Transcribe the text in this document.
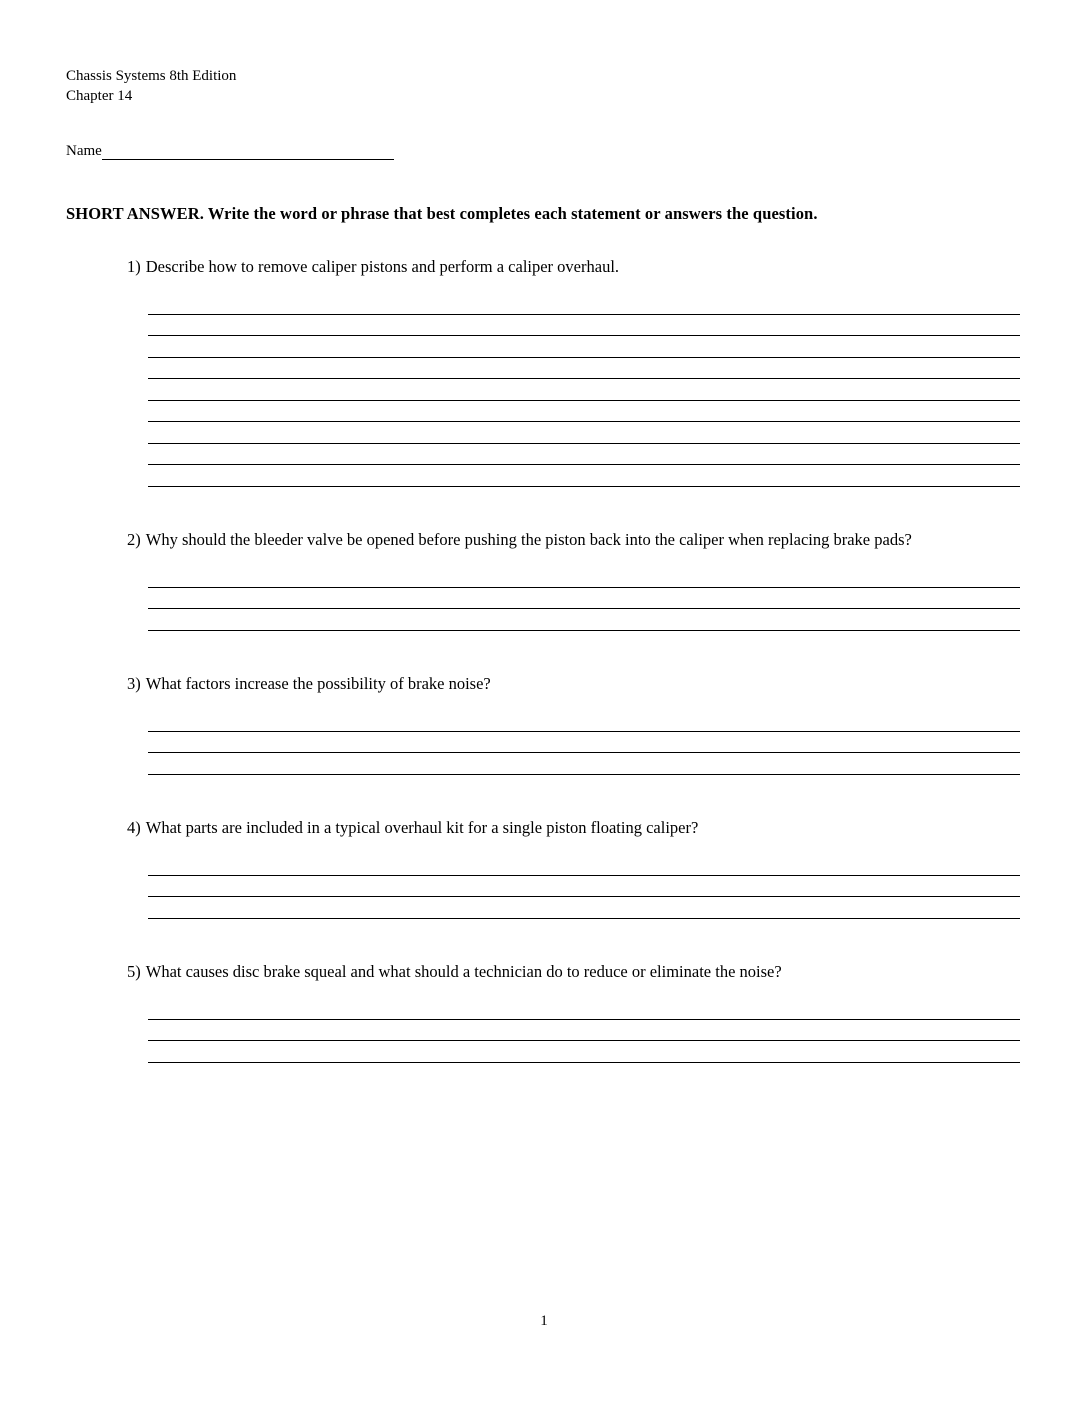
Chassis Systems 8th Edition
Chapter 14
Name
SHORT ANSWER. Write the word or phrase that best completes each statement or answers the question.
1) Describe how to remove caliper pistons and perform a caliper overhaul.
2) Why should the bleeder valve be opened before pushing the piston back into the caliper when replacing brake pads?
3) What factors increase the possibility of brake noise?
4) What parts are included in a typical overhaul kit for a single piston floating caliper?
5) What causes disc brake squeal and what should a technician do to reduce or eliminate the noise?
1
